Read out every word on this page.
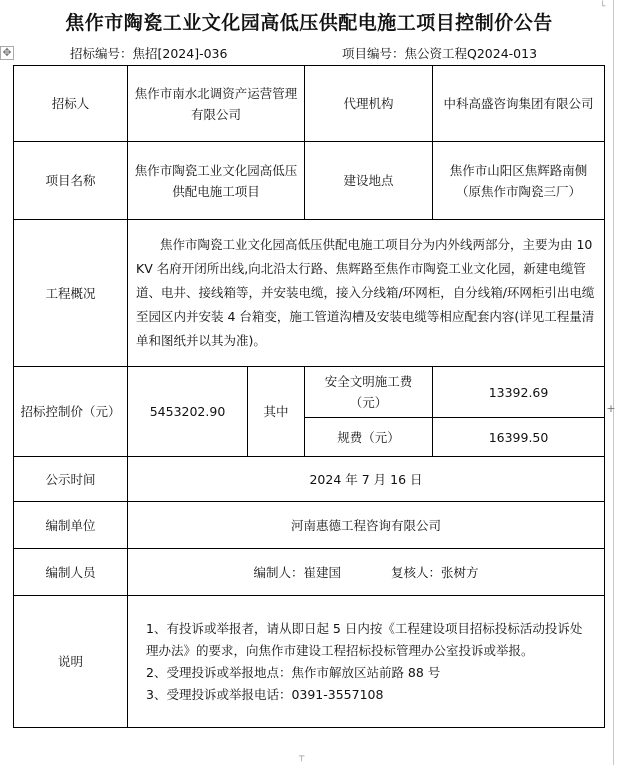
✥
+
└
┬
焦作市陶瓷工业文化园高低压供配电施工项目控制价公告
招标编号：焦招[2024]-036	项目编号：焦公资工程Q2024-013
招标人	焦作市南水北调资产运营管理有限公司		代理机构	中科高盛咨询集团有限公司
项目名称	焦作市陶瓷工业文化园高低压供配电施工项目		建设地点	焦作市山阳区焦辉路南侧（原焦作市陶瓷三厂）
工程概况	焦作市陶瓷工业文化园高低压供配电施工项目分为内外线两部分，主要为由 10KV 名府开闭所出线,向北沿太行路、焦辉路至焦作市陶瓷工业文化园，新建电缆管道、电井、接线箱等，并安装电缆，接入分线箱/环网柜，自分线箱/环网柜引出电缆至园区内并安装 4 台箱变，施工管道沟槽及安装电缆等相应配套内容(详见工程量清单和图纸并以其为准)。			
招标控制价（元）	5453202.90	其中	安全文明施工费（元）	13392.69
			规费（元）	16399.50
公示时间	2024 年 7 月 16 日			
编制单位	河南惠德工程咨询有限公司			
编制人员	编制人：崔建国　　　　复核人：张树方			
说明	1、有投诉或举报者，请从即日起 5 日内按《工程建设项目招标投标活动投诉处理办法》的要求，向焦作市建设工程招标投标管理办公室投诉或举报。
2、受理投诉或举报地点：焦作市解放区站前路 88 号
3、受理投诉或举报电话：0391-3557108			
